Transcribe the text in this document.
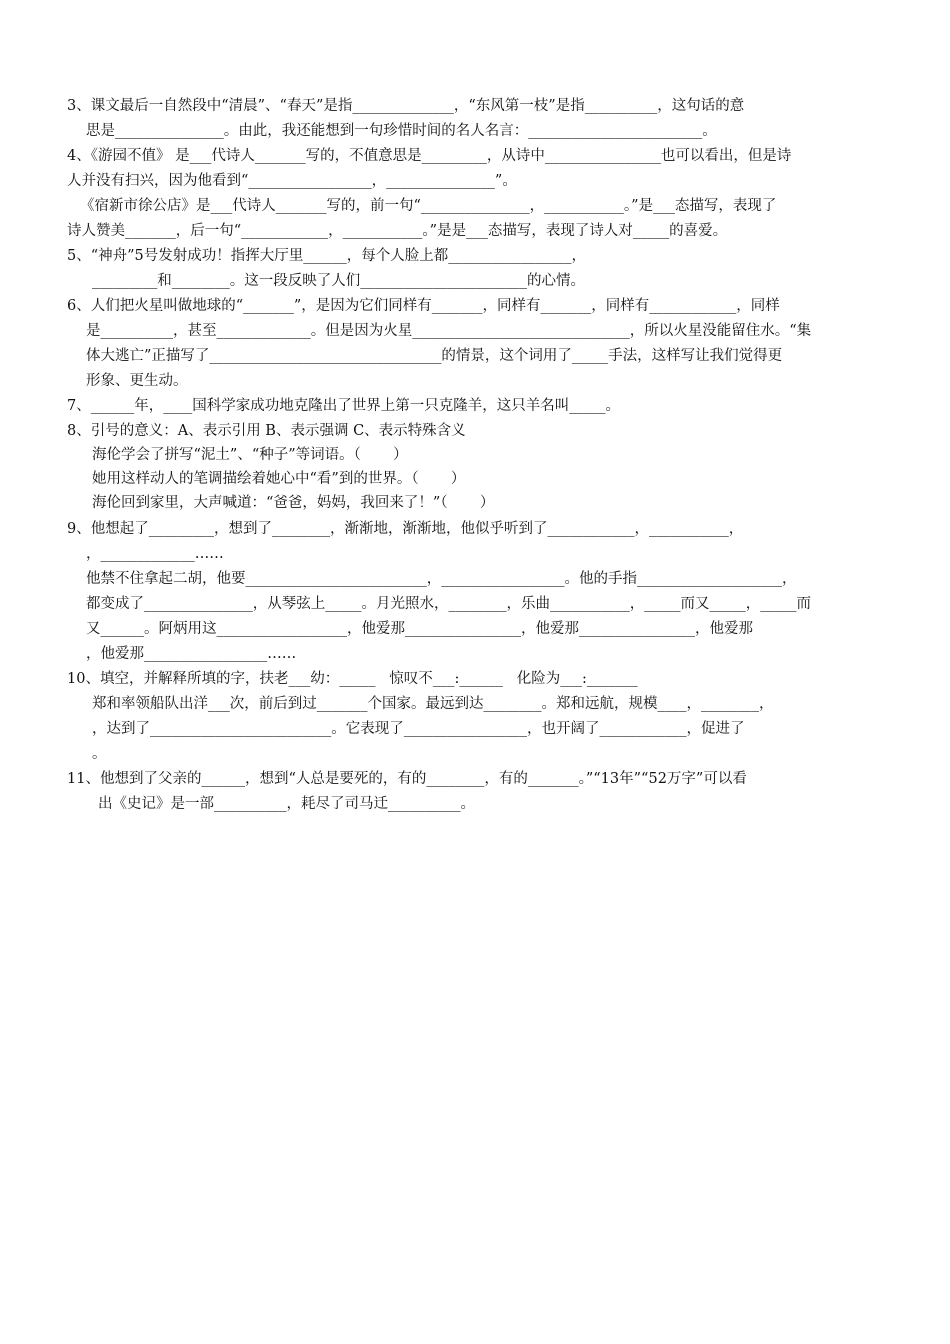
3、课文最后一自然段中“清晨”、“春天”是指______________，“东风第一枝”是指__________，这句话的意
思是_______________。由此，我还能想到一句珍惜时间的名人名言：________________________。
4、《游园不值》 是___代诗人_______写的，不值意思是_________，从诗中________________也可以看出，但是诗
人并没有扫兴，因为他看到“_________________，_______________”。
《宿新市徐公店》是___代诗人_______写的，前一句“_______________，___________。”是___态描写，表现了
诗人赞美_______，后一句“____________，___________。”是是___态描写，表现了诗人对_____的喜爱。
5、“神舟”5号发射成功！指挥大厅里______，每个人脸上都_________________，
_________和________。这一段反映了人们_______________________的心情。
6、人们把火星叫做地球的“_______”，是因为它们同样有_______，同样有_______，同样有____________，同样
是__________，甚至_____________。但是因为火星______________________________，所以火星没能留住水。“集
体大逃亡”正描写了________________________________的情景，这个词用了_____手法，这样写让我们觉得更
形象、更生动。
7、______年，____国科学家成功地克隆出了世界上第一只克隆羊，这只羊名叫_____。
8、引号的意义：A、表示引用 B、表示强调 C、表示特殊含义
海伦学会了拼写“泥土”、“种子”等词语。（       ）
她用这样动人的笔调描绘着她心中“看”到的世界。（       ）
海伦回到家里，大声喊道：“爸爸，妈妈，我回来了！”（       ）
9、他想起了_________，想到了________，渐渐地，渐渐地，他似乎听到了____________，___________，
，_____________……
他禁不住拿起二胡，他要_________________________，_________________。他的手指____________________，
都变成了_______________，从琴弦上_____。月光照水，________，乐曲___________，_____而又_____，_____而
又______。阿炳用这__________________，他爱那________________，他爱那________________，他爱那
，他爱那_________________……
10、填空，并解释所填的字，扶老___幼：_____   惊叹不___:______   化险为___:_______
郑和率领船队出洋___次，前后到过_______个国家。最远到达________。郑和远航，规模____，________，
，达到了_________________________。它表现了_________________，也开阔了____________，促进了
。
11、他想到了父亲的______，想到“人总是要死的，有的________，有的_______。”“13年”“52万字”可以看
出《史记》是一部__________，耗尽了司马迁__________。
